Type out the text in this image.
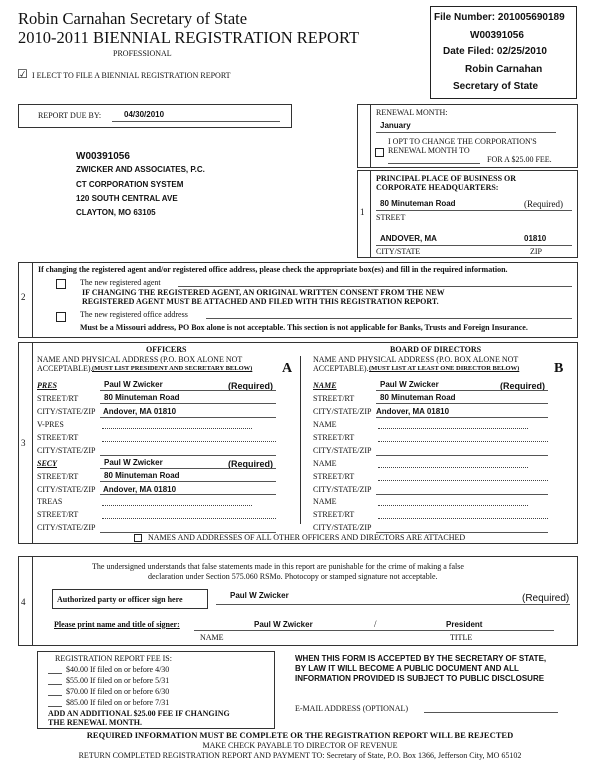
Robin Carnahan Secretary of State
2010-2011 BIENNIAL REGISTRATION REPORT
PROFESSIONAL
☑ I ELECT TO FILE A BIENNIAL REGISTRATION REPORT
File Number: 201005690189
W00391056
Date Filed: 02/25/2010
Robin Carnahan
Secretary of State
REPORT DUE BY:	04/30/2010	RENEWAL MONTH:
January
I OPT TO CHANGE THE CORPORATION'S
RENEWAL MONTH TO
FOR A $25.00 FEE.
W00391056
ZWICKER AND ASSOCIATES, P.C.
CT CORPORATION SYSTEM
120 SOUTH CENTRAL AVE
CLAYTON, MO 63105	1
PRINCIPAL PLACE OF BUSINESS OR
CORPORATE HEADQUARTERS:
80 Minuteman Road	(Required)
STREET
ANDOVER, MA	01810
CITY/STATE	ZIP
2
If changing the registered agent and/or registered office address, please check the appropriate box(es) and fill in the required information.
The new registered agent
IF CHANGING THE REGISTERED AGENT, AN ORIGINAL WRITTEN CONSENT FROM THE NEW
REGISTERED AGENT MUST BE ATTACHED AND FILED WITH THIS REGISTRATION REPORT.
The new registered office address
Must be a Missouri address, PO Box alone is not acceptable. This section is not applicable for Banks, Trusts and Foreign Insurance.
3
OFFICERS
NAME AND PHYSICAL ADDRESS (P.O. BOX ALONE NOT
ACCEPTABLE). (MUST LIST PRESIDENT AND SECRETARY BELOW) A
BOARD OF DIRECTORS
NAME AND PHYSICAL ADDRESS (P.O. BOX ALONE NOT
ACCEPTABLE). (MUST LIST AT LEAST ONE DIRECTOR BELOW) B
PRES	Paul W Zwicker	(Required)
STREET/RT	80 Minuteman Road
CITY/STATE/ZIP Andover, MA 01810
V-PRES
STREET/RT
CITY/STATE/ZIP
SECY	Paul W Zwicker	(Required)
STREET/RT	80 Minuteman Road
CITY/STATE/ZIP Andover, MA 01810
TREAS
STREET/RT
CITY/STATE/ZIP
NAME	Paul W Zwicker	(Required)
STREET/RT	80 Minuteman Road
CITY/STATE/ZIP Andover, MA 01810
NAME
STREET/RT
CITY/STATE/ZIP
NAME
STREET/RT
CITY/STATE/ZIP
NAME
STREET/RT
CITY/STATE/ZIP
NAMES AND ADDRESSES OF ALL OTHER OFFICERS AND DIRECTORS ARE ATTACHED
4
The undersigned understands that false statements made in this report are punishable for the crime of making a false
declaration under Section 575.060 RSMo. Photocopy or stamped signature not acceptable.
Authorized party or officer sign here	Paul W Zwicker	(Required)
Please print name and title of signer:	Paul W Zwicker	/	President
NAME	TITLE
REGISTRATION REPORT FEE IS:
$40.00 If filed on or before 4/30
$55.00 If filed on or before 5/31
$70.00 If filed on or before 6/30
$85.00 If filed on or before 7/31
ADD AN ADDITIONAL $25.00 FEE IF CHANGING
THE RENEWAL MONTH.
WHEN THIS FORM IS ACCEPTED BY THE SECRETARY OF STATE,
BY LAW IT WILL BECOME A PUBLIC DOCUMENT AND ALL
INFORMATION PROVIDED IS SUBJECT TO PUBLIC DISCLOSURE
E-MAIL ADDRESS (OPTIONAL)
REQUIRED INFORMATION MUST BE COMPLETE OR THE REGISTRATION REPORT WILL BE REJECTED
MAKE CHECK PAYABLE TO DIRECTOR OF REVENUE
RETURN COMPLETED REGISTRATION REPORT AND PAYMENT TO: Secretary of State, P.O. Box 1366, Jefferson City, MO 65102
